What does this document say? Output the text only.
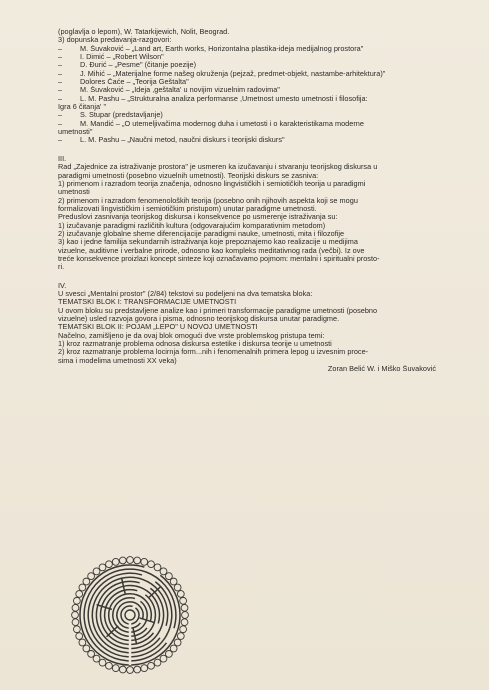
(poglavlja o lepom), W. Tatarkijewich, Nolit, Beograd.
3) dopunska predavanja-razgovori:
– M. Šuvaković – „Land art, Earth works, Horizontalna plastika-ideja medijalnog prostora"
– I. Dimić – „Robert Wilson"
– D. Đurić – „Pesme" (čitanje poezije)
– J. Mihić – „Materijalne forme našeg okruženja (pejzaž, predmet-objekt, nastambe-arhitektura)"
– Dolores Čaće – „Teorija Geštalta"
– M. Šuvaković – „Ideja ,geštalta' u novijim vizuelnim radovima"
– L. M. Pashu – „Strukturalna analiza performanse ,Umetnost umesto umetnosti i filosofija:
Igra 6 čitanja' "
– S. Stupar (predstavljanje)
– M. Mandić – „O utemeljivačima modernog duha i umetosti i o karakteristikama moderne
umetnosti"
– L. M. Pashu – „Naučni metod, naučni diskurs i teorijski diskurs"
III.
Rad „Zajednice za istraživanje prostora" je usmeren ka izučavanju i stvaranju teorijskog diskursa u
paradigmi umetnosti (posebno vizuelnih umetnosti). Teorijski diskurs se zasniva:
1) primenom i razradom teorija značenja, odnosno lingvističkih i semiotičkih teorija u paradigmi
umetnosti
2) primenom i razradom fenomenoloških teorija (posebno onih njihovih aspekta koji se mogu
formalizovati lingvističkim i semiotičkim pristupom) unutar paradigme umetnosti.
Preduslovi zasnivanja teorijskog diskursa i konsekvence po usmerenje istraživanja su:
1) izučavanje paradigmi različitih kultura (odgovarajućim komparativnim metodom)
2) izučavanje globalne sheme diferencijacije paradigmi nauke, umetnosti, mita i filozofije
3) kao i jedne familija sekundarnih istraživanja koje prepoznajemo kao realizacije u medijima
vizuelne, auditivne i verbalne prirode, odnosno kao kompleks meditativnog rada (večbi). Iz ove
treće konsekvence proizlazi koncept sinteze koji označavamo pojmom: mentalni i spiritualni prosto-
ri.
IV.
U svesci „Mentalni prostor" (2/84) tekstovi su podeljeni na dva tematska bloka:
TEMATSKI BLOK I: TRANSFORMACIJE UMETNOSTI
U ovom bloku su predstavljene analize kao i primeri transformacije paradigme umetnosti (posebno
vizuelne) usled razvoja govora i pisma, odnosno teorijskog diskursa unutar paradigme.
TEMATSKI BLOK II: POJAM „LEPO" U NOVOJ UMETNOSTI
Načelno, zamišljeno je da ovaj blok omogući dve vrste problemskog pristupa temi:
1) kroz razmatranje problema odnosa diskursa estetike i diskursa teorije u umetnosti
2) kroz razmatranje problema locirnja form...nih i fenomenalnih primera lepog u izvesnim proce-
sima i modelima umetnosti XX veka)
Zoran Belić W. i Miško Šuvaković
